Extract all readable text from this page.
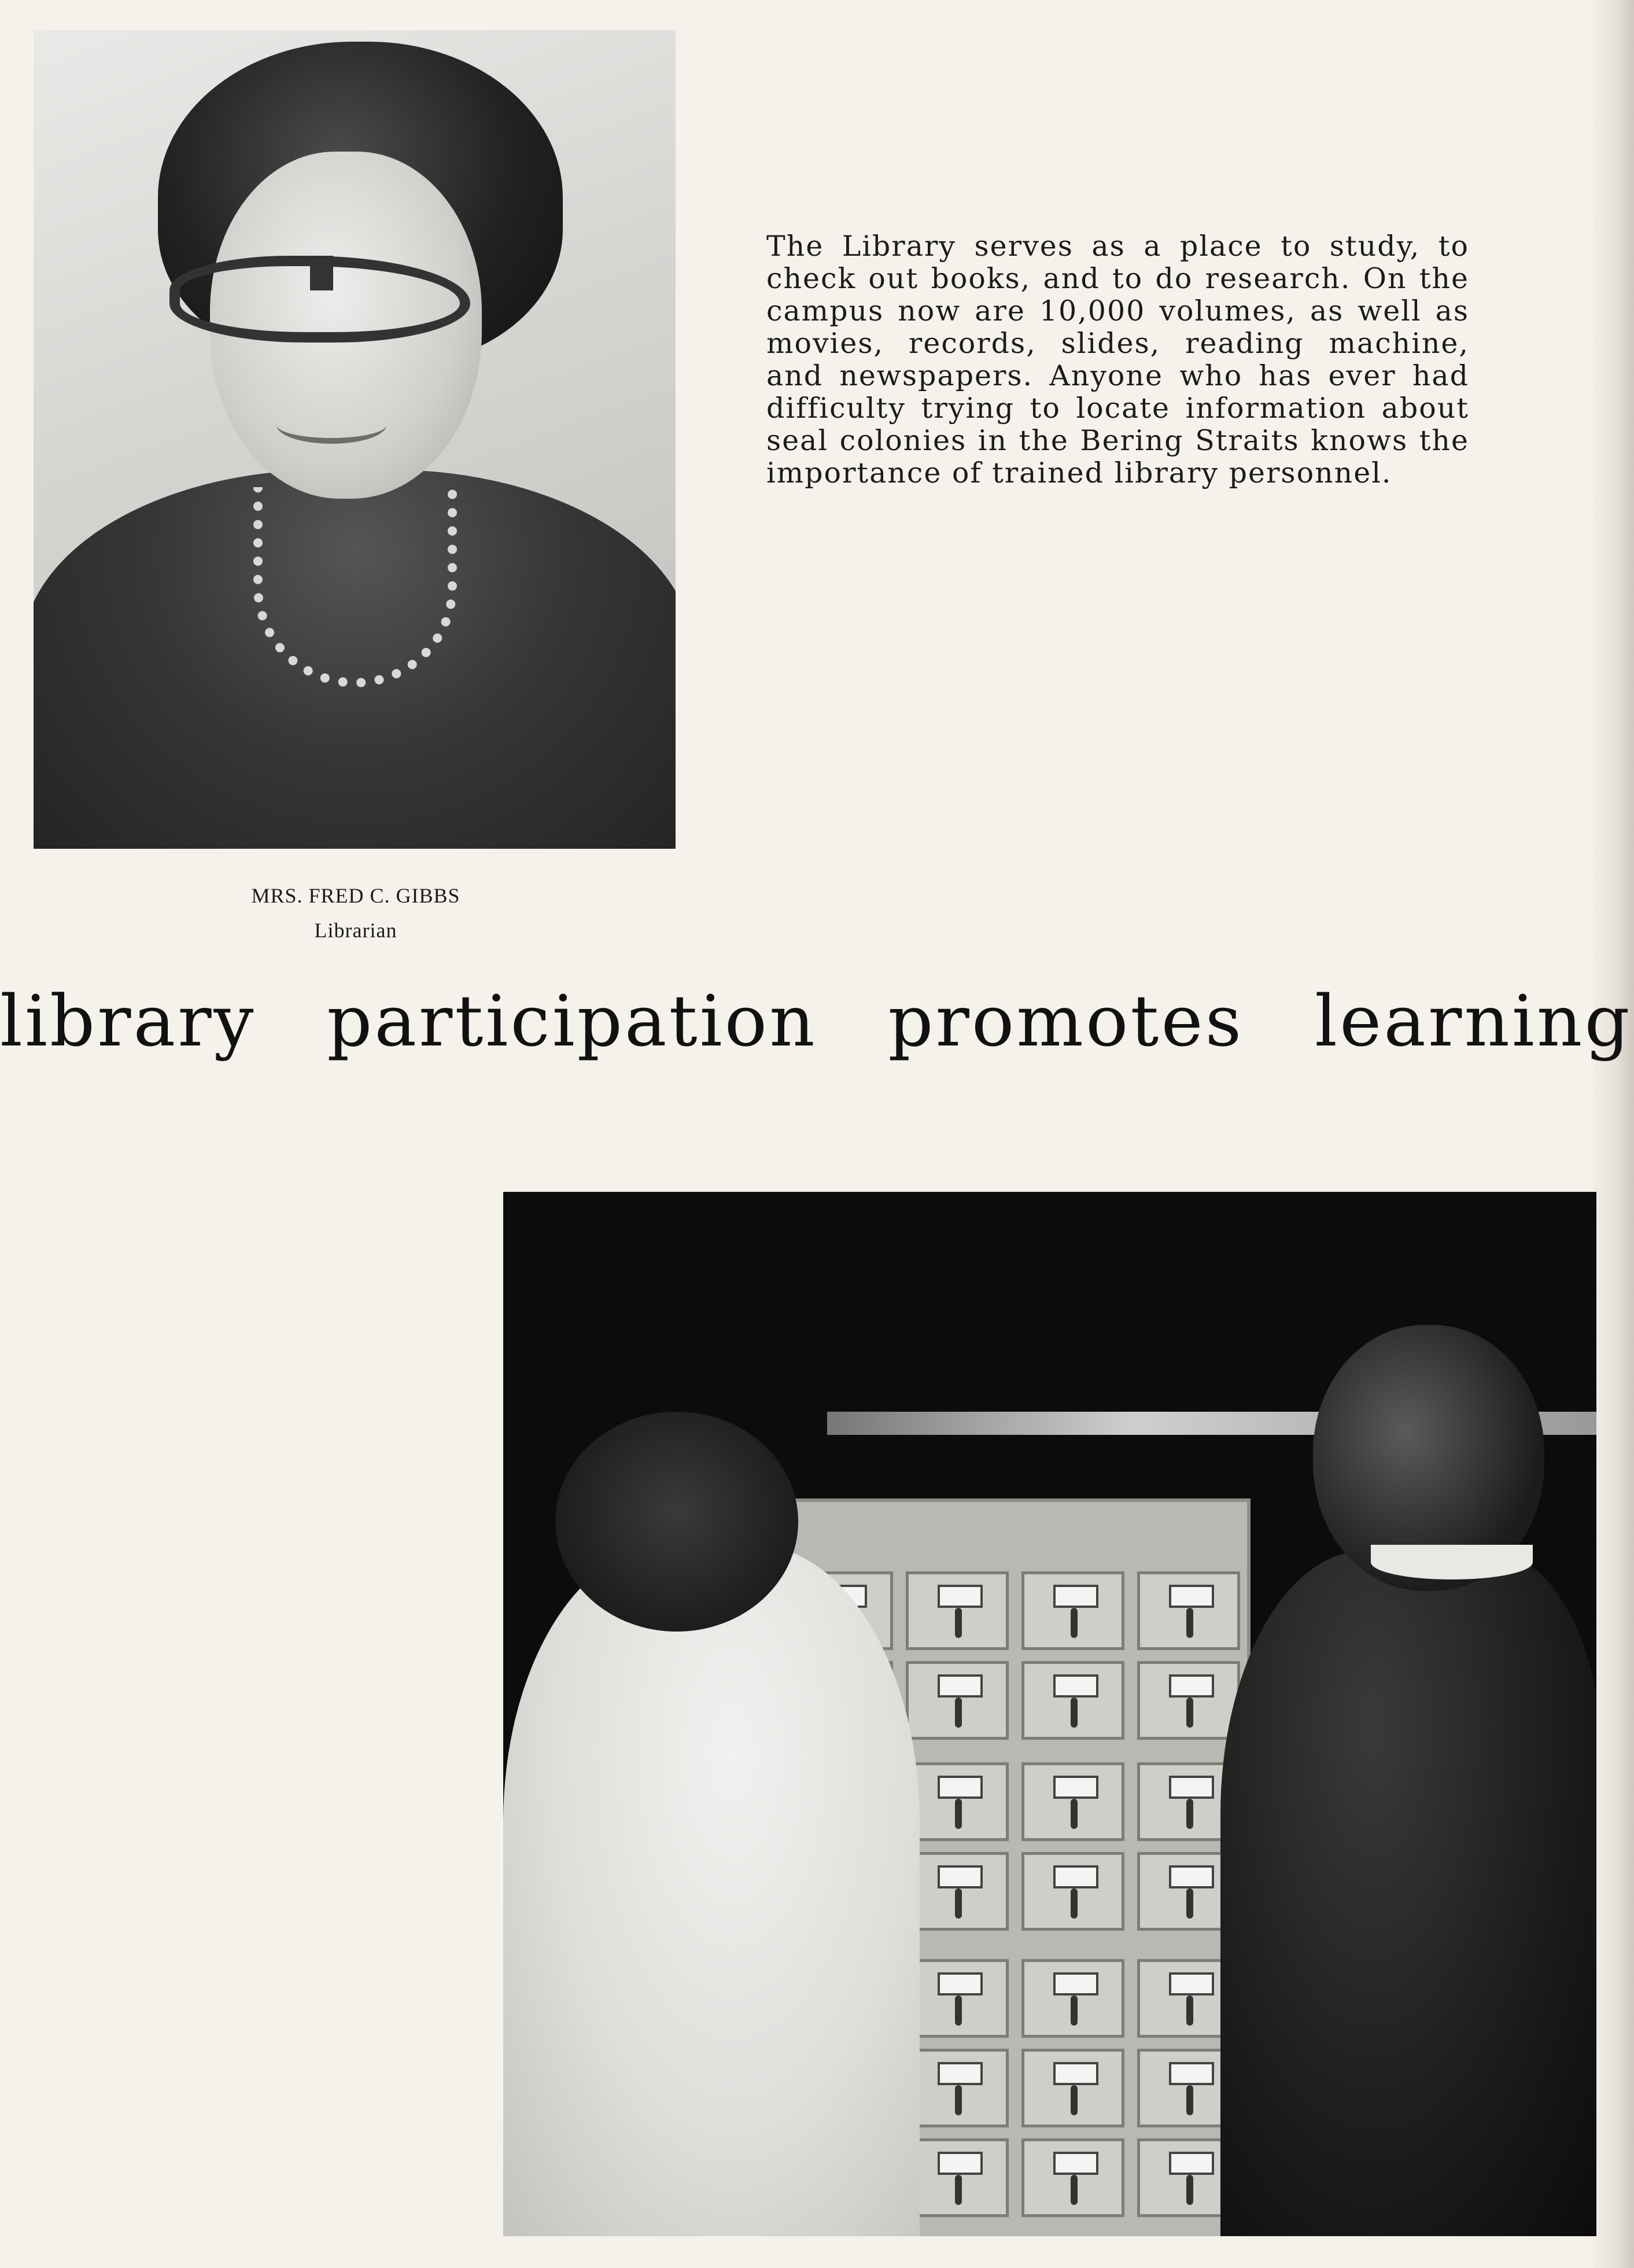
The Library serves as a place to study, to check out books, and to do research. On the campus now are 10,000 volumes, as well as movies, records, slides, reading machine, and newspapers. Anyone who has ever had difficulty trying to locate information about seal colonies in the Bering Straits knows the importance of trained library personnel.
MRS. FRED C. GIBBS
Librarian
library participation promotes learning
